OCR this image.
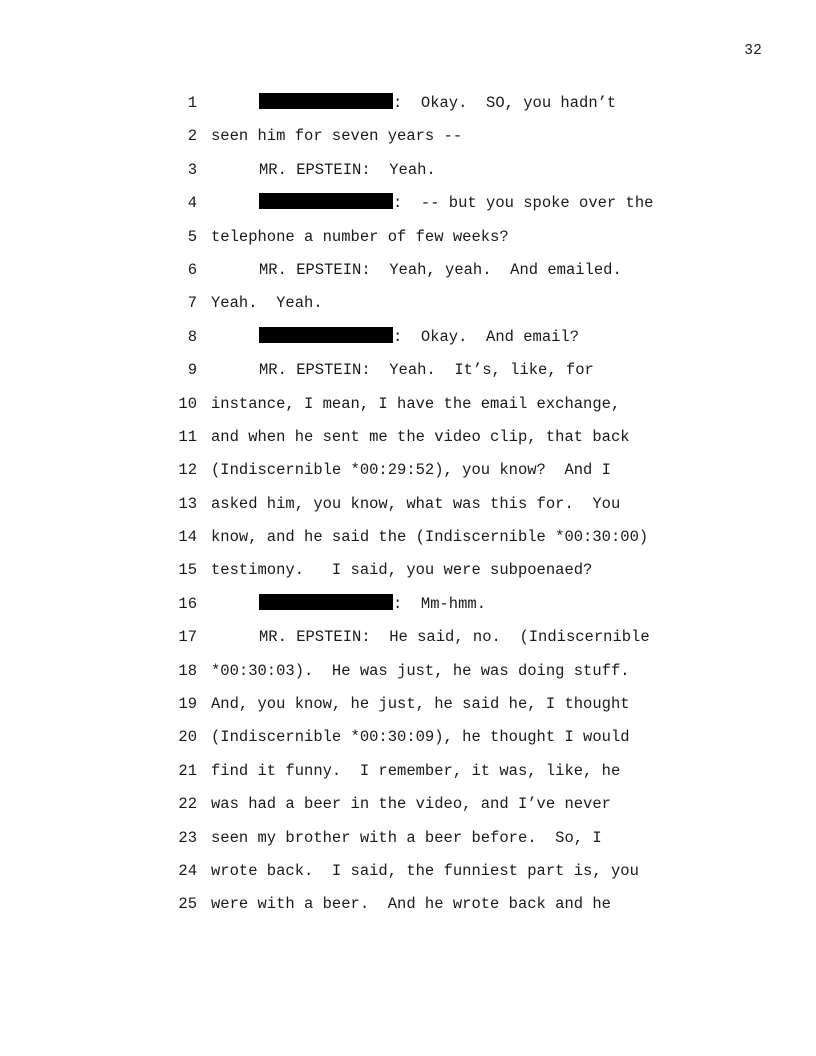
32
1	:  Okay.  SO, you hadn’t
2 seen him for seven years --
3	MR. EPSTEIN:  Yeah.
4	:  -- but you spoke over the
5 telephone a number of few weeks?
6	MR. EPSTEIN:  Yeah, yeah.  And emailed.
7 Yeah.  Yeah.
8	:  Okay.  And email?
9	MR. EPSTEIN:  Yeah.  It’s, like, for
10 instance, I mean, I have the email exchange,
11 and when he sent me the video clip, that back
12 (Indiscernible *00:29:52), you know?  And I
13 asked him, you know, what was this for.  You
14 know, and he said the (Indiscernible *00:30:00)
15 testimony.   I said, you were subpoenaed?
16	:  Mm-hmm.
17	MR. EPSTEIN:  He said, no.  (Indiscernible
18 *00:30:03).  He was just, he was doing stuff.
19 And, you know, he just, he said he, I thought
20 (Indiscernible *00:30:09), he thought I would
21 find it funny.  I remember, it was, like, he
22 was had a beer in the video, and I’ve never
23 seen my brother with a beer before.  So, I
24 wrote back.  I said, the funniest part is, you
25 were with a beer.  And he wrote back and he
